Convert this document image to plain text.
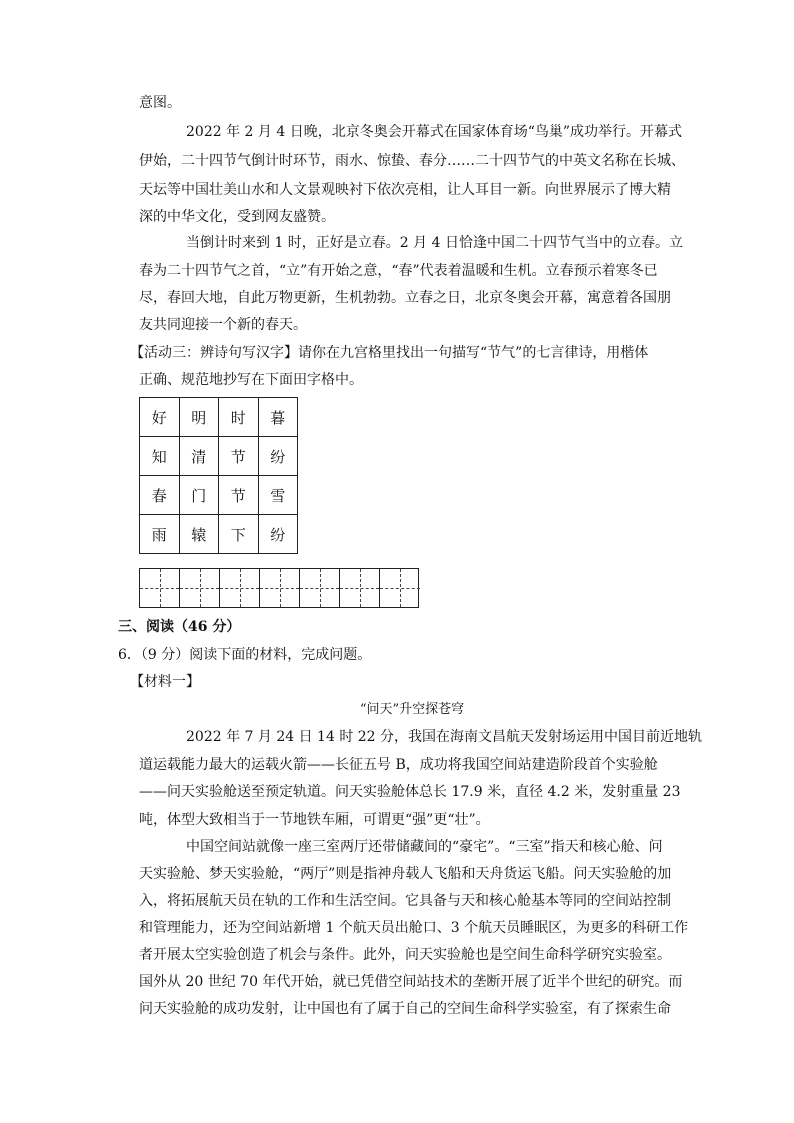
意图。
2022 年 2 月 4 日晚，北京冬奥会开幕式在国家体育场“鸟巢”成功举行。开幕式
伊始，二十四节气倒计时环节，雨水、惊蛰、春分……二十四节气的中英文名称在长城、
天坛等中国壮美山水和人文景观映衬下依次亮相，让人耳目一新。向世界展示了博大精
深的中华文化，受到网友盛赞。
当倒计时来到 1 时，正好是立春。2 月 4 日恰逢中国二十四节气当中的立春。立
春为二十四节气之首，“立”有开始之意，“春”代表着温暖和生机。立春预示着寒冬已
尽，春回大地，自此万物更新，生机勃勃。立春之日，北京冬奥会开幕，寓意着各国朋
友共同迎接一个新的春天。
【活动三：辨诗句写汉字】请你在九宫格里找出一句描写“节气”的七言律诗，用楷体
正确、规范地抄写在下面田字格中。
好	明	时	暮
知	清	节	纷
春	门	节	雪
雨	辕	下	纷
三、阅读（46 分）
6．（9 分）阅读下面的材料，完成问题。
【材料一】
“问天”升空探苍穹
2022 年 7 月 24 日 14 时 22 分，我国在海南文昌航天发射场运用中国目前近地轨
道运载能力最大的运载火箭——长征五号 B，成功将我国空间站建造阶段首个实验舱
——问天实验舱送至预定轨道。问天实验舱体总长 17.9 米，直径 4.2 米，发射重量 23
吨，体型大致相当于一节地铁车厢，可谓更“强”更“壮”。
中国空间站就像一座三室两厅还带储藏间的“豪宅”。“三室”指天和核心舱、问
天实验舱、梦天实验舱，“两厅”则是指神舟载人飞船和天舟货运飞船。问天实验舱的加
入，将拓展航天员在轨的工作和生活空间。它具备与天和核心舱基本等同的空间站控制
和管理能力，还为空间站新增 1 个航天员出舱口、3 个航天员睡眠区，为更多的科研工作
者开展太空实验创造了机会与条件。此外，问天实验舱也是空间生命科学研究实验室。
国外从 20 世纪 70 年代开始，就已凭借空间站技术的垄断开展了近半个世纪的研究。而
问天实验舱的成功发射，让中国也有了属于自己的空间生命科学实验室，有了探索生命
